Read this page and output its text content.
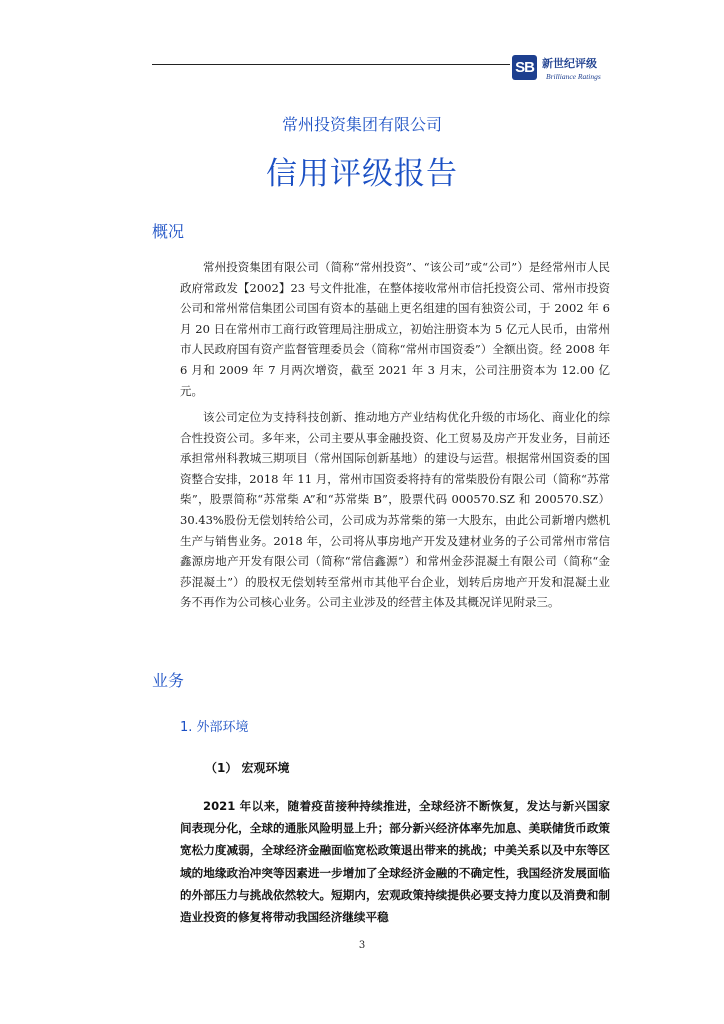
SB 新世纪评级
Brilliance Ratings
常州投资集团有限公司
信用评级报告
概况

常州投资集团有限公司（简称“常州投资”、“该公司”或“公司”）是经常州市人民政府常政发【2002】23 号文件批准，在整体接收常州市信托投资公司、常州市投资公司和常州常信集团公司国有资本的基础上更名组建的国有独资公司，于 2002 年 6 月 20 日在常州市工商行政管理局注册成立，初始注册资本为 5 亿元人民币，由常州市人民政府国有资产监督管理委员会（简称“常州市国资委”）全额出资。经 2008 年 6 月和 2009 年 7 月两次增资，截至 2021 年 3 月末，公司注册资本为 12.00 亿元。

该公司定位为支持科技创新、推动地方产业结构优化升级的市场化、商业化的综合性投资公司。多年来，公司主要从事金融投资、化工贸易及房产开发业务，目前还承担常州科教城三期项目（常州国际创新基地）的建设与运营。根据常州国资委的国资整合安排，2018 年 11 月，常州市国资委将持有的常柴股份有限公司（简称“苏常柴”，股票简称“苏常柴 A”和“苏常柴 B”，股票代码 000570.SZ 和 200570.SZ）30.43%股份无偿划转给公司，公司成为苏常柴的第一大股东，由此公司新增内燃机生产与销售业务。2018 年，公司将从事房地产开发及建材业务的子公司常州市常信鑫源房地产开发有限公司（简称“常信鑫源”）和常州金莎混凝土有限公司（简称“金莎混凝土”）的股权无偿划转至常州市其他平台企业，划转后房地产开发和混凝土业务不再作为公司核心业务。公司主业涉及的经营主体及其概况详见附录三。

业务
1. 外部环境
（1） 宏观环境

2021 年以来，随着疫苗接种持续推进，全球经济不断恢复，发达与新兴国家间表现分化，全球的通胀风险明显上升；部分新兴经济体率先加息、美联储货币政策宽松力度减弱，全球经济金融面临宽松政策退出带来的挑战；中美关系以及中东等区域的地缘政治冲突等因素进一步增加了全球经济金融的不确定性，我国经济发展面临的外部压力与挑战依然较大。短期内，宏观政策持续提供必要支持力度以及消费和制造业投资的修复将带动我国经济继续平稳

3
